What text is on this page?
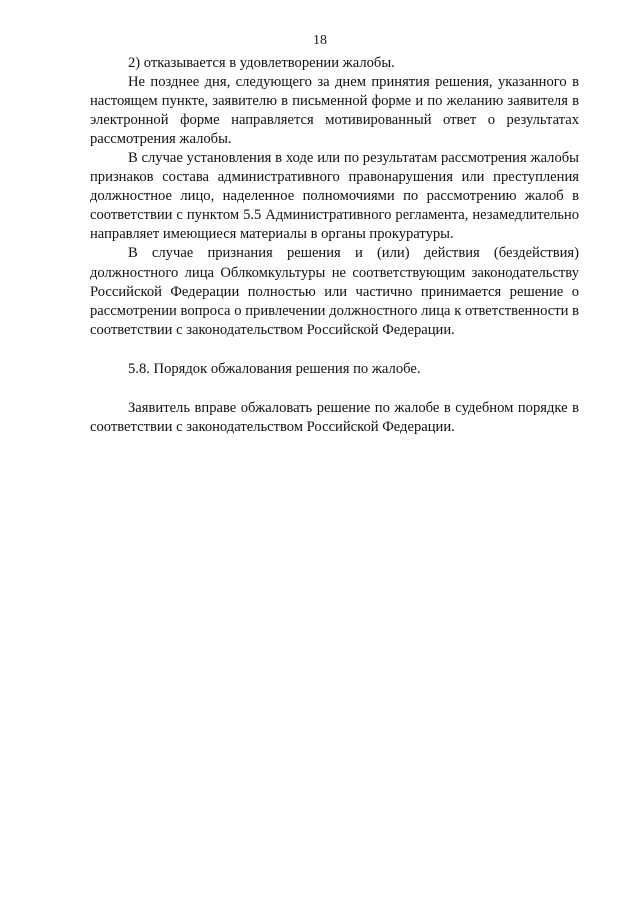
18

2) отказывается в удовлетворении жалобы.

Не позднее дня, следующего за днем принятия решения, указанного в настоящем пункте, заявителю в письменной форме и по желанию заявителя в электронной форме направляется мотивированный ответ о результатах рассмотрения жалобы.

В случае установления в ходе или по результатам рассмотрения жалобы признаков состава административного правонарушения или преступления должностное лицо, наделенное полномочиями по рассмотрению жалоб в соответствии с пунктом 5.5 Административного регламента, незамедлительно направляет имеющиеся материалы в органы прокуратуры.

В случае признания решения и (или) действия (бездействия) должностного лица Облкомкультуры не соответствующим законодательству Российской Федерации полностью или частично принимается решение о рассмотрении вопроса о привлечении должностного лица к ответственности в соответствии с законодательством Российской Федерации.

5.8. Порядок обжалования решения по жалобе.

Заявитель вправе обжаловать решение по жалобе в судебном порядке в соответствии с законодательством Российской Федерации.
